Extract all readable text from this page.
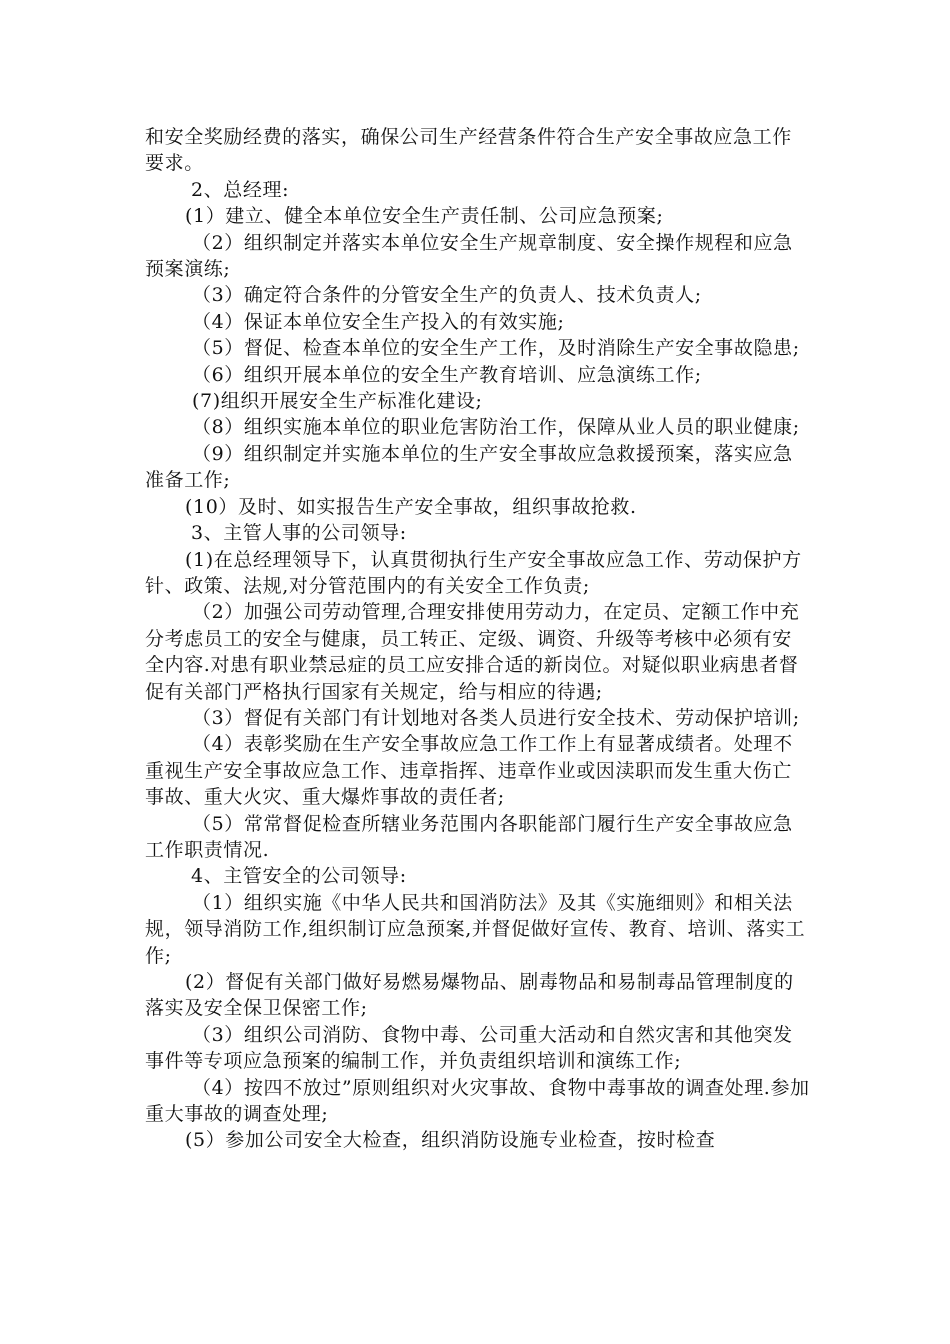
和安全奖励经费的落实，确保公司生产经营条件符合生产安全事故应急工作要求。

2、总经理:

(1）建立、健全本单位安全生产责任制、公司应急预案;

（2）组织制定并落实本单位安全生产规章制度、安全操作规程和应急预案演练;

（3）确定符合条件的分管安全生产的负责人、技术负责人;

（4）保证本单位安全生产投入的有效实施;

（5）督促、检查本单位的安全生产工作，及时消除生产安全事故隐患;

（6）组织开展本单位的安全生产教育培训、应急演练工作;

(7)组织开展安全生产标准化建设;

（8）组织实施本单位的职业危害防治工作，保障从业人员的职业健康;

（9）组织制定并实施本单位的生产安全事故应急救援预案，落实应急准备工作;

(10）及时、如实报告生产安全事故，组织事故抢救.

3、主管人事的公司领导:

(1)在总经理领导下，认真贯彻执行生产安全事故应急工作、劳动保护方针、政策、法规,对分管范围内的有关安全工作负责;

（2）加强公司劳动管理,合理安排使用劳动力，在定员、定额工作中充分考虑员工的安全与健康，员工转正、定级、调资、升级等考核中必须有安全内容.对患有职业禁忌症的员工应安排合适的新岗位。对疑似职业病患者督促有关部门严格执行国家有关规定，给与相应的待遇;

（3）督促有关部门有计划地对各类人员进行安全技术、劳动保护培训;

（4）表彰奖励在生产安全事故应急工作工作上有显著成绩者。处理不重视生产安全事故应急工作、违章指挥、违章作业或因渎职而发生重大伤亡事故、重大火灾、重大爆炸事故的责任者;

（5）常常督促检查所辖业务范围内各职能部门履行生产安全事故应急工作职责情况.

4、主管安全的公司领导:

（1）组织实施《中华人民共和国消防法》及其《实施细则》和相关法规，领导消防工作,组织制订应急预案,并督促做好宣传、教育、培训、落实工作;

(2）督促有关部门做好易燃易爆物品、剧毒物品和易制毒品管理制度的落实及安全保卫保密工作;

（3）组织公司消防、食物中毒、公司重大活动和自然灾害和其他突发事件等专项应急预案的编制工作，并负责组织培训和演练工作;

（4）按四不放过”原则组织对火灾事故、食物中毒事故的调查处理.参加重大事故的调查处理;

(5）参加公司安全大检查，组织消防设施专业检查，按时检查
